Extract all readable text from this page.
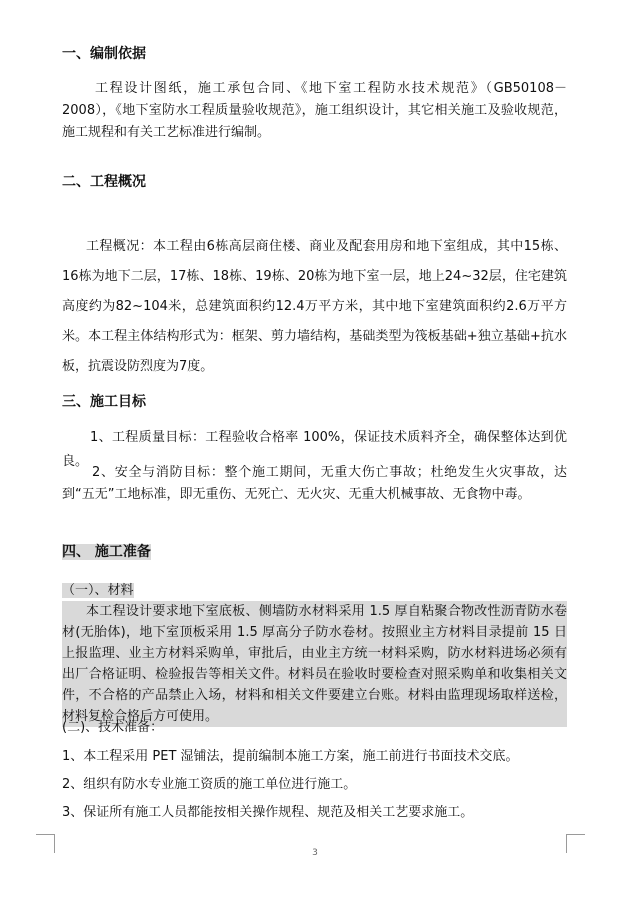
一、编制依据
工程设计图纸，施工承包合同、《地下室工程防水技术规范》（GB50108－2008），《地下室防水工程质量验收规范》，施工组织设计，其它相关施工及验收规范，施工规程和有关工艺标准进行编制。
二、工程概况
工程概况：本工程由6栋高层商住楼、商业及配套用房和地下室组成，其中15栋、16栋为地下二层，17栋、18栋、19栋、20栋为地下室一层，地上24~32层，住宅建筑高度约为82~104米，总建筑面积约12.4万平方米，其中地下室建筑面积约2.6万平方米。本工程主体结构形式为：框架、剪力墙结构，基础类型为筏板基础+独立基础+抗水板，抗震设防烈度为7度。
三、施工目标
1、工程质量目标：工程验收合格率 100%，保证技术质料齐全，确保整体达到优良。
2、安全与消防目标：整个施工期间，无重大伤亡事故；杜绝发生火灾事故，达到“五无”工地标准，即无重伤、无死亡、无火灾、无重大机械事故、无食物中毒。
四、 施工准备
（一）、材料
本工程设计要求地下室底板、侧墙防水材料采用 1.5 厚自粘聚合物改性沥青防水卷材(无胎体)，地下室顶板采用 1.5 厚高分子防水卷材。按照业主方材料目录提前 15 日上报监理、业主方材料采购单，审批后，由业主方统一材料采购，防水材料进场必须有出厂合格证明、检验报告等相关文件。材料员在验收时要检查对照采购单和收集相关文件，不合格的产品禁止入场，材料和相关文件要建立台账。材料由监理现场取样送检，材料复检合格后方可使用。
(二)、技术准备：
1、本工程采用 PET 湿铺法，提前编制本施工方案，施工前进行书面技术交底。
2、组织有防水专业施工资质的施工单位进行施工。
3、保证所有施工人员都能按相关操作规程、规范及相关工艺要求施工。
3
